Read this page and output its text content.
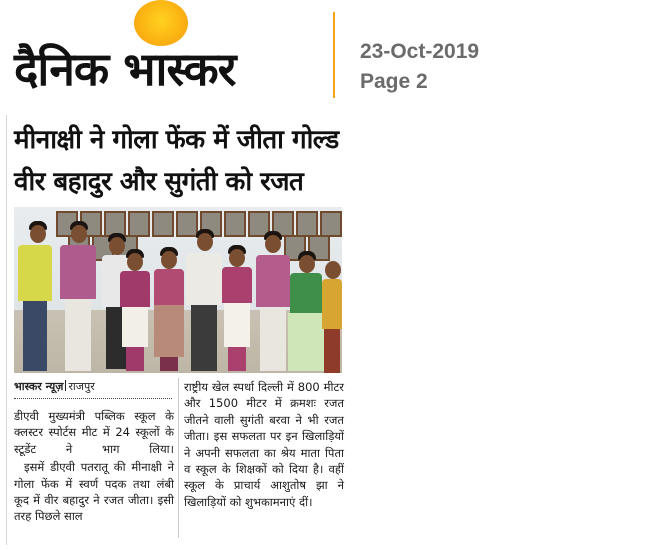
दैनिक भास्कर	23-Oct-2019
Page 2
मीनाक्षी ने गोला फेंक में जीता गोल्ड
वीर बहादुर और सुगंती को रजत
भास्कर न्यूज़ राजपुर

डीएवी मुख्यमंत्री पब्लिक स्कूल के क्लस्टर स्पोर्टस मीट में 24 स्कूलों के स्टूडेंट ने भाग लिया।

इसमें डीएवी पतरातू की मीनाक्षी ने गोला फेंक में स्वर्ण पदक तथा लंबी कूद में वीर बहादुर ने रजत जीता। इसी तरह पिछले साल

राष्ट्रीय खेल स्पर्धा दिल्ली में 800 मीटर और 1500 मीटर में क्रमशः रजत जीतने वाली सुगंती बरवा ने भी रजत जीता। इस सफलता पर इन खिलाड़ियों ने अपनी सफलता का श्रेय माता पिता व स्कूल के शिक्षकों को दिया है। वहीं स्कूल के प्राचार्य आशुतोष झा ने खिलाड़ियों को शुभकामनाएं दीं।
